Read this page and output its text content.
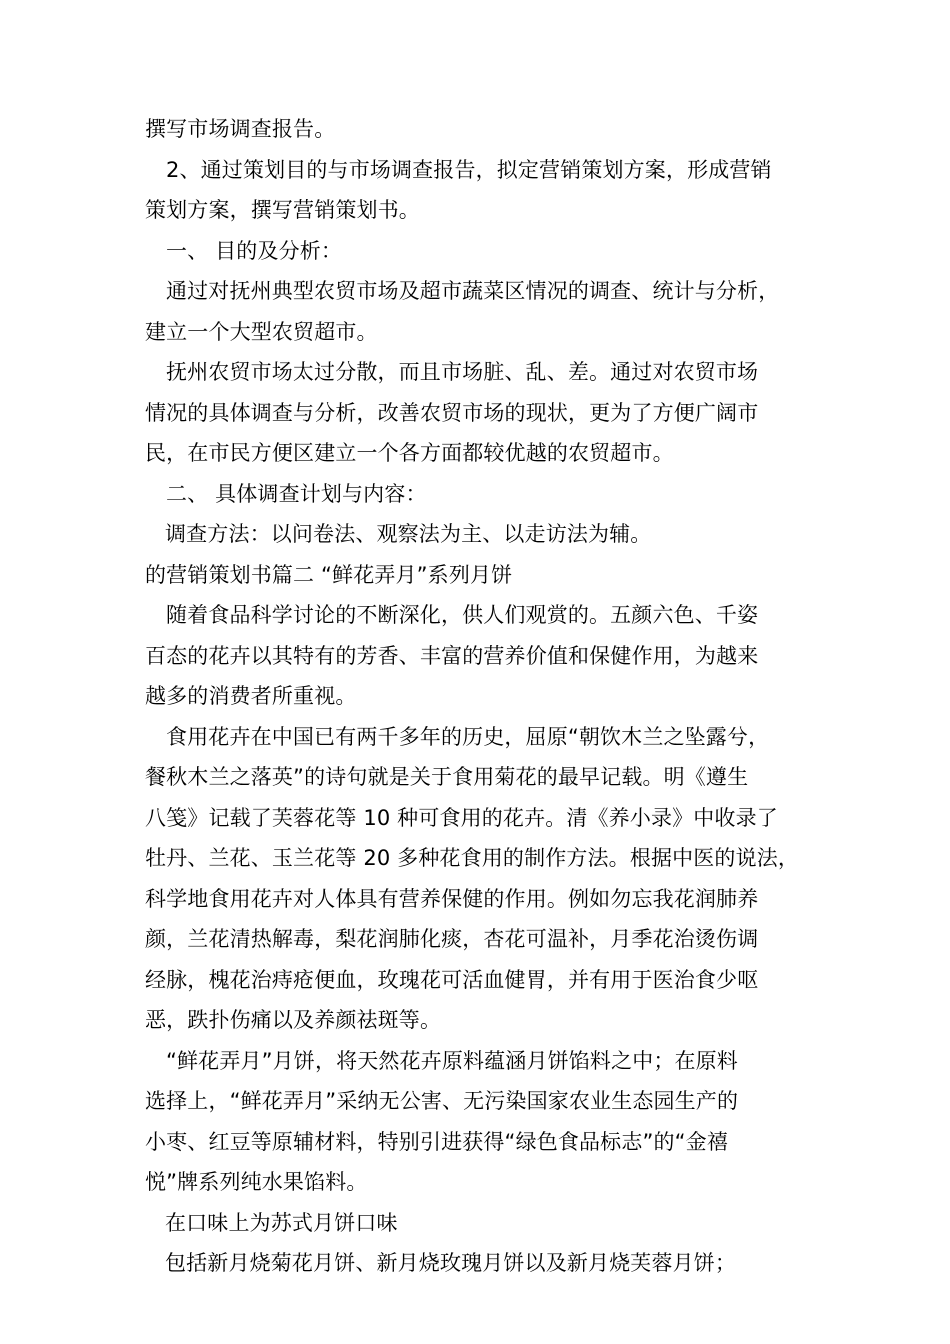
撰写市场调查报告。
2、通过策划目的与市场调查报告，拟定营销策划方案，形成营销
策划方案，撰写营销策划书。
一、 目的及分析：
通过对抚州典型农贸市场及超市蔬菜区情况的调查、统计与分析，
建立一个大型农贸超市。
抚州农贸市场太过分散，而且市场脏、乱、差。通过对农贸市场
情况的具体调查与分析，改善农贸市场的现状，更为了方便广阔市
民，在市民方便区建立一个各方面都较优越的农贸超市。
二、 具体调查计划与内容：
调查方法：以问卷法、观察法为主、以走访法为辅。
的营销策划书篇二 “鲜花弄月”系列月饼
随着食品科学讨论的不断深化，供人们观赏的。五颜六色、千姿
百态的花卉以其特有的芳香、丰富的营养价值和保健作用，为越来
越多的消费者所重视。
食用花卉在中国已有两千多年的历史，屈原“朝饮木兰之坠露兮，
餐秋木兰之落英”的诗句就是关于食用菊花的最早记载。明《遵生
八笺》记载了芙蓉花等 10 种可食用的花卉。清《养小录》中收录了
牡丹、兰花、玉兰花等 20 多种花食用的制作方法。根据中医的说法，
科学地食用花卉对人体具有营养保健的作用。例如勿忘我花润肺养
颜，兰花清热解毒，梨花润肺化痰，杏花可温补，月季花治烫伤调
经脉，槐花治痔疮便血，玫瑰花可活血健胃，并有用于医治食少呕
恶，跌扑伤痛以及养颜祛斑等。
“鲜花弄月”月饼，将天然花卉原料蕴涵月饼馅料之中；在原料
选择上，“鲜花弄月”采纳无公害、无污染国家农业生态园生产的
小枣、红豆等原辅材料，特别引进获得“绿色食品标志”的“金禧
悦”牌系列纯水果馅料。
在口味上为苏式月饼口味
包括新月烧菊花月饼、新月烧玫瑰月饼以及新月烧芙蓉月饼；
